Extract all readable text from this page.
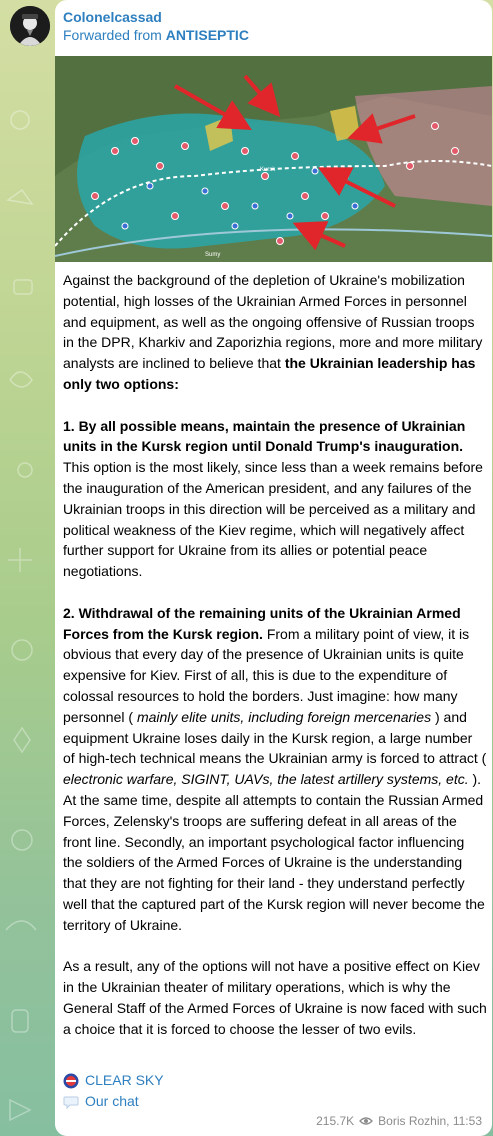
Colonelcassad
Forwarded from ANTISEPTIC
Kursk
Sumy

Against the background of the depletion of Ukraine's mobilization potential, high losses of the Ukrainian Armed Forces in personnel and equipment, as well as the ongoing offensive of Russian troops in the DPR, Kharkiv and Zaporizhia regions, more and more military analysts are inclined to believe that the Ukrainian leadership has only two options:

1. By all possible means, maintain the presence of Ukrainian units in the Kursk region until Donald Trump's inauguration. This option is the most likely, since less than a week remains before the inauguration of the American president, and any failures of the Ukrainian troops in this direction will be perceived as a military and political weakness of the Kiev regime, which will negatively affect further support for Ukraine from its allies or potential peace negotiations.

2. Withdrawal of the remaining units of the Ukrainian Armed Forces from the Kursk region. From a military point of view, it is obvious that every day of the presence of Ukrainian units is quite expensive for Kiev. First of all, this is due to the expenditure of colossal resources to hold the borders. Just imagine: how many personnel ( mainly elite units, including foreign mercenaries ) and equipment Ukraine loses daily in the Kursk region, a large number of high-tech technical means the Ukrainian army is forced to attract ( electronic warfare, SIGINT, UAVs, the latest artillery systems, etc. ). At the same time, despite all attempts to contain the Russian Armed Forces, Zelensky's troops are suffering defeat in all areas of the front line. Secondly, an important psychological factor influencing the soldiers of the Armed Forces of Ukraine is the understanding that they are not fighting for their land - they understand perfectly well that the captured part of the Kursk region will never become the territory of Ukraine.

As a result, any of the options will not have a positive effect on Kiev in the Ukrainian theater of military operations, which is why the General Staff of the Armed Forces of Ukraine is now faced with such a choice that it is forced to choose the lesser of two evils.

CLEAR SKY
Our chat
215.7K Boris Rozhin, 11:53
